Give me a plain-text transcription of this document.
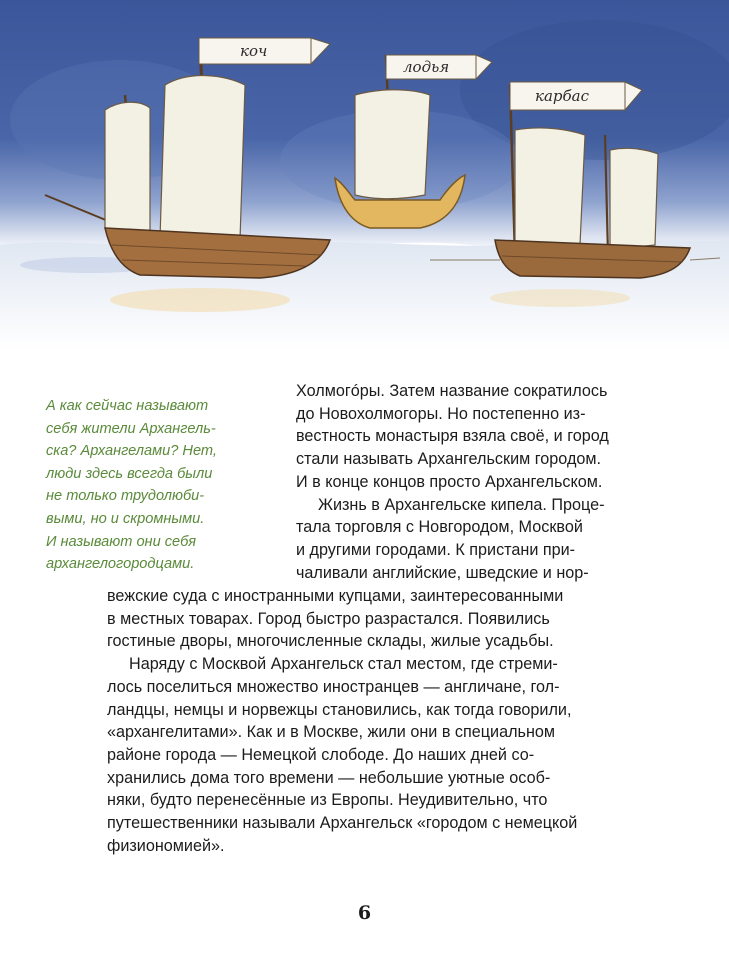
коч
лодья
карбас

А как сейчас называют
себя жители Архангель-
ска? Архангелами? Нет,
люди здесь всегда были
не только трудолюби-
выми, но и скромными.
И называют они себя
архангелогородцами.

Холмогóры. Затем название сократилось
до Новохолмогоры. Но постепенно из-
вестность монастыря взяла своё, и город
стали называть Архангельским городом.
И в конце концов просто Архангельском.
Жизнь в Архангельске кипела. Проце-
тала торговля с Новгородом, Москвой
и другими городами. К пристани при-
чаливали английские, шведские и нор-
вежские суда с иностранными купцами, заинтересованными
в местных товарах. Город быстро разрастался. Появились
гостиные дворы, многочисленные склады, жилые усадьбы.
Наряду с Москвой Архангельск стал местом, где стреми-
лось поселиться множество иностранцев — англичане, гол-
ландцы, немцы и норвежцы становились, как тогда говорили,
«архангелитами». Как и в Москве, жили они в специальном
районе города — Немецкой слободе. До наших дней со-
хранились дома того времени — небольшие уютные особ-
няки, будто перенесённые из Европы. Неудивительно, что
путешественники называли Архангельск «городом с немецкой
физиономией».

6
